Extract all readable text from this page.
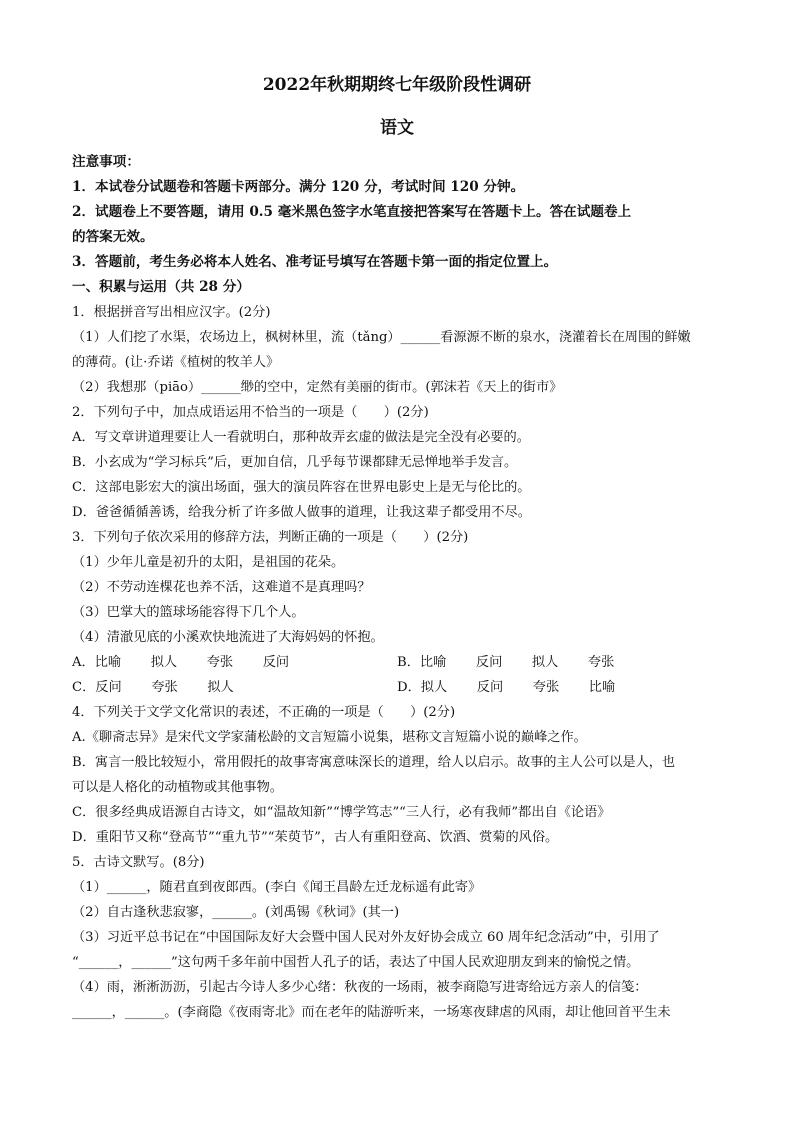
2022年秋期期终七年级阶段性调研
语文
注意事项：
1．本试卷分试题卷和答题卡两部分。满分 120 分，考试时间 120 分钟。
2．试题卷上不要答题，请用 0.5 毫米黑色签字水笔直接把答案写在答题卡上。答在试题卷上
的答案无效。
3．答题前，考生务必将本人姓名、准考证号填写在答题卡第一面的指定位置上。
一、积累与运用（共 28 分）
1．根据拼音写出相应汉字。(2分)
（1）人们挖了水渠，农场边上，枫树林里，流（tǎng）______看源源不断的泉水，浇灌着长在周围的鲜嫩
的薄荷。(让·乔诺《植树的牧羊人》
（2）我想那（piāo）______缈的空中，定然有美丽的街市。(郭沫若《天上的街市》
2．下列句子中，加点成语运用不恰当的一项是（　　）(2分)
A．写文章讲道理要让人一看就明白，那种故弄玄虚的做法是完全没有必要的。
B．小玄成为“学习标兵”后，更加自信，几乎每节课都肆无忌惮地举手发言。
C．这部电影宏大的演出场面，强大的演员阵容在世界电影史上是无与伦比的。
D．爸爸循循善诱，给我分析了许多做人做事的道理，让我这辈子都受用不尽。
3．下列句子依次采用的修辞方法，判断正确的一项是（　　）(2分)
（1）少年儿童是初升的太阳，是祖国的花朵。
（2）不劳动连棵花也养不活，这难道不是真理吗？
（3）巴掌大的篮球场能容得下几个人。
（4）清澈见底的小溪欢快地流进了大海妈妈的怀抱。
A．比喻 拟人 夸张 反问	B．比喻 反问 拟人 夸张
C．反问 夸张 拟人	D．拟人 反问 夸张 比喻
4．下列关于文学文化常识的表述，不正确的一项是（　　）(2分)
A.《聊斋志异》是宋代文学家蒲松龄的文言短篇小说集，堪称文言短篇小说的巅峰之作。
B．寓言一般比较短小，常用假托的故事寄寓意味深长的道理，给人以启示。故事的主人公可以是人，也
可以是人格化的动植物或其他事物。
C．很多经典成语源自古诗文，如“温故知新”“博学笃志”“三人行，必有我师”都出自《论语》
D．重阳节又称“登高节”“重九节”“茱萸节”，古人有重阳登高、饮酒、赏菊的风俗。
5．古诗文默写。(8分)
（1）______，随君直到夜郎西。(李白《闻王昌龄左迁龙标遥有此寄》
（2）自古逢秋悲寂寥，______。(刘禹锡《秋词》(其一)
（3）习近平总书记在“中国国际友好大会暨中国人民对外友好协会成立 60 周年纪念活动”中，引用了
“______，______”这句两千多年前中国哲人孔子的话，表达了中国人民欢迎朋友到来的愉悦之情。
（4）雨，淅淅沥沥，引起古今诗人多少心绪：秋夜的一场雨，被李商隐写进寄给远方亲人的信笺：
______，______。(李商隐《夜雨寄北》而在老年的陆游听来，一场寒夜肆虐的风雨，却让他回首平生未
